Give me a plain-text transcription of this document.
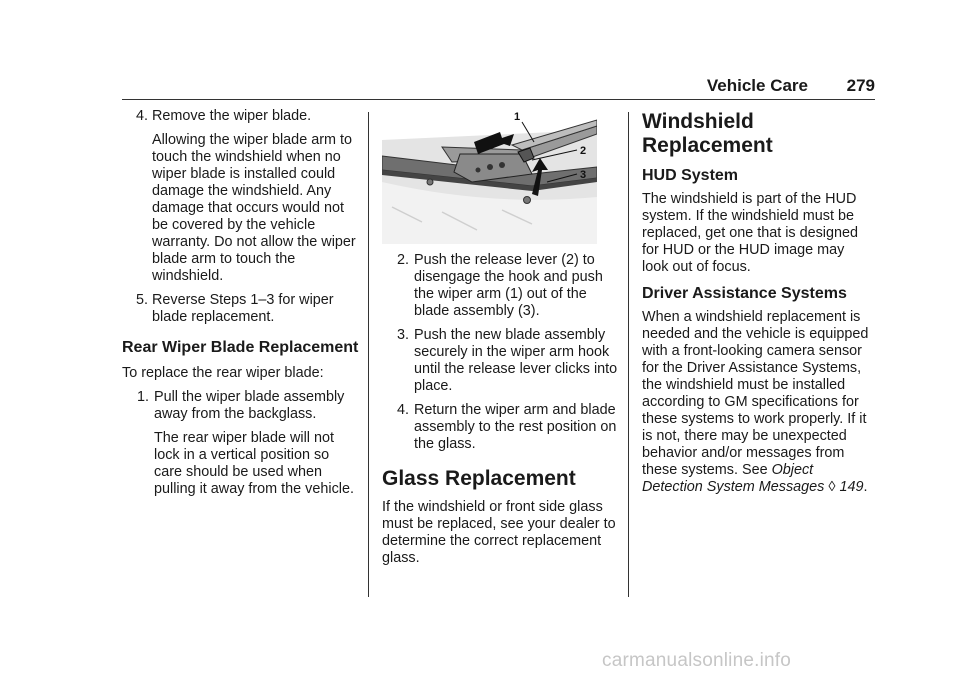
Vehicle Care 279
4. Remove the wiper blade.

Allowing the wiper blade arm to touch the windshield when no wiper blade is installed could damage the windshield. Any damage that occurs would not be covered by the vehicle warranty. Do not allow the wiper blade arm to touch the windshield.

5. Reverse Steps 1–3 for wiper blade replacement.
Rear Wiper Blade Replacement

To replace the rear wiper blade:

1. Pull the wiper blade assembly away from the backglass.

The rear wiper blade will not lock in a vertical position so care should be used when pulling it away from the vehicle.

1
2
3
2. Push the release lever (2) to disengage the hook and push the wiper arm (1) out of the blade assembly (3).
3. Push the new blade assembly securely in the wiper arm hook until the release lever clicks into place.
4. Return the wiper arm and blade assembly to the rest position on the glass.
Glass Replacement

If the windshield or front side glass must be replaced, see your dealer to determine the correct replacement glass.

Windshield Replacement
HUD System

The windshield is part of the HUD system. If the windshield must be replaced, get one that is designed for HUD or the HUD image may look out of focus.

Driver Assistance Systems

When a windshield replacement is needed and the vehicle is equipped with a front-looking camera sensor for the Driver Assistance Systems, the windshield must be installed according to GM specifications for these systems to work properly. If it is not, there may be unexpected behavior and/or messages from these systems. See Object Detection System Messages ◊ 149.

carmanualsonline.info
